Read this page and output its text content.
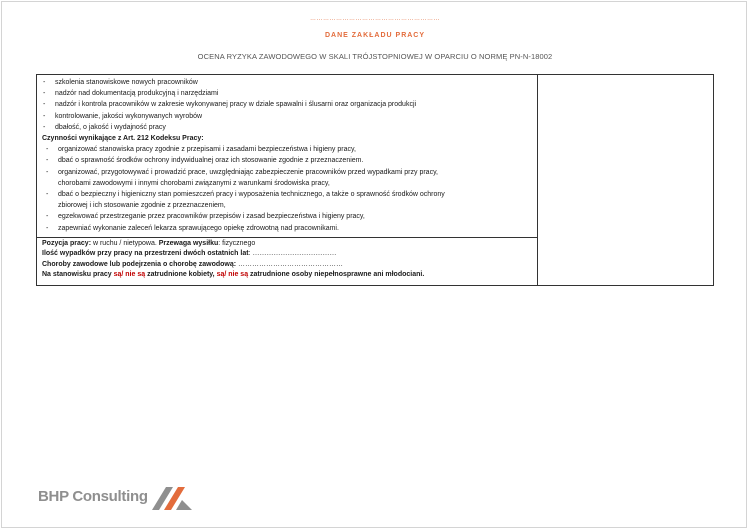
……………………………………………………
DANE ZAKŁADU PRACY
OCENA RYZYKA ZAWODOWEGO W SKALI TRÓJSTOPNIOWEJ W OPARCIU O NORMĘ PN-N-18002
- szkolenia stanowiskowe nowych pracowników
- nadzór nad dokumentacją produkcyjną i narzędziami
- nadzór i kontrola pracowników w zakresie wykonywanej pracy w dziale spawalni i ślusarni oraz organizacja produkcji
- kontrolowanie, jakości wykonywanych wyrobów
- dbałość, o jakość i wydajność pracy
Czynności wynikające z Art. 212 Kodeksu Pracy:
- organizować stanowiska pracy zgodnie z przepisami i zasadami bezpieczeństwa i higieny pracy,
- dbać o sprawność środków ochrony indywidualnej oraz ich stosowanie zgodnie z przeznaczeniem.
- organizować, przygotowywać i prowadzić prace, uwzględniając zabezpieczenie pracowników przed wypadkami przy pracy,
chorobami zawodowymi i innymi chorobami związanymi z warunkami środowiska pracy,
- dbać o bezpieczny i higieniczny stan pomieszczeń pracy i wyposażenia technicznego, a także o sprawność środków ochrony
zbiorowej i ich stosowanie zgodnie z przeznaczeniem,
- egzekwować przestrzeganie przez pracowników przepisów i zasad bezpieczeństwa i higieny pracy,
- zapewniać wykonanie zaleceń lekarza sprawującego opiekę zdrowotną nad pracownikami.
Pozycja pracy: w ruchu / nietypowa. Przewaga wysiłku: fizycznego
Ilość wypadków przy pracy na przestrzeni dwóch ostatnich lat: ………………………………
Choroby zawodowe lub podejrzenia o chorobę zawodową: ………………………………………
Na stanowisku pracy są/ nie są zatrudnione kobiety, są/ nie są zatrudnione osoby niepełnosprawne ani młodociani.
BHP Consulting
